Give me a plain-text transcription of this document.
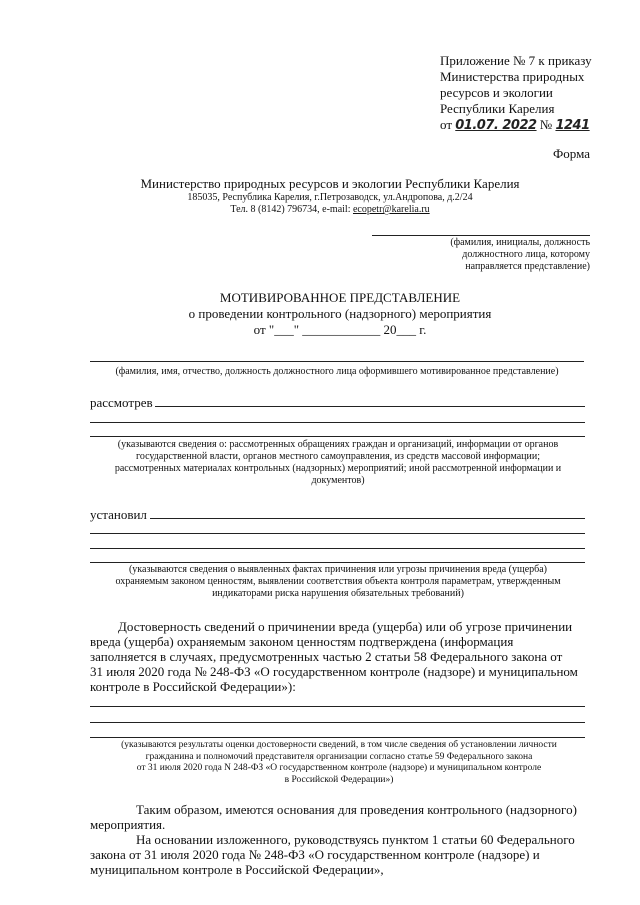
Приложение № 7 к приказу
Министерства природных
ресурсов и экологии
Республики Карелия
от 01.07. 2022 № 1241
Форма
Министерство природных ресурсов и экологии Республики Карелия
185035, Республика Карелия, г.Петрозаводск, ул.Андропова, д.2/24
Тел. 8 (8142) 796734, e-mail: ecopetr@karelia.ru
(фамилия, инициалы, должность
должностного лица, которому
направляется представление)
МОТИВИРОВАННОЕ ПРЕДСТАВЛЕНИЕ
о проведении контрольного (надзорного) мероприятия
от "___" ____________ 20___ г.
(фамилия, имя, отчество, должность должностного лица оформившего мотивированное представление)
рассмотрев
(указываются сведения о: рассмотренных обращениях граждан и организаций, информации от органов
государственной власти, органов местного самоуправления, из средств массовой информации;
рассмотренных материалах контрольных (надзорных) мероприятий; иной рассмотренной информации и
документов)
установил
(указываются сведения о выявленных фактах причинения или угрозы причинения вреда (ущерба)
охраняемым законом ценностям, выявлении соответствия объекта контроля параметрам, утвержденным
индикаторами риска нарушения обязательных требований)
Достоверность сведений о причинении вреда (ущерба) или об угрозе причинении
вреда (ущерба) охраняемым законом ценностям подтверждена (информация
заполняется в случаях, предусмотренных частью 2 статьи 58 Федерального закона от
31 июля 2020 года № 248-ФЗ «О государственном контроле (надзоре) и муниципальном
контроле в Российской Федерации»):
(указываются результаты оценки достоверности сведений, в том числе сведения об установлении личности
гражданина и полномочий представителя организации согласно статье 59 Федерального закона
от 31 июля 2020 года N 248-ФЗ «О государственном контроле (надзоре) и муниципальном контроле
в Российской Федерации»)
Таким образом, имеются основания для проведения контрольного (надзорного)
мероприятия.
На основании изложенного, руководствуясь пунктом 1 статьи 60 Федерального
закона от 31 июля 2020 года № 248-ФЗ «О государственном контроле (надзоре) и
муниципальном контроле в Российской Федерации»,
